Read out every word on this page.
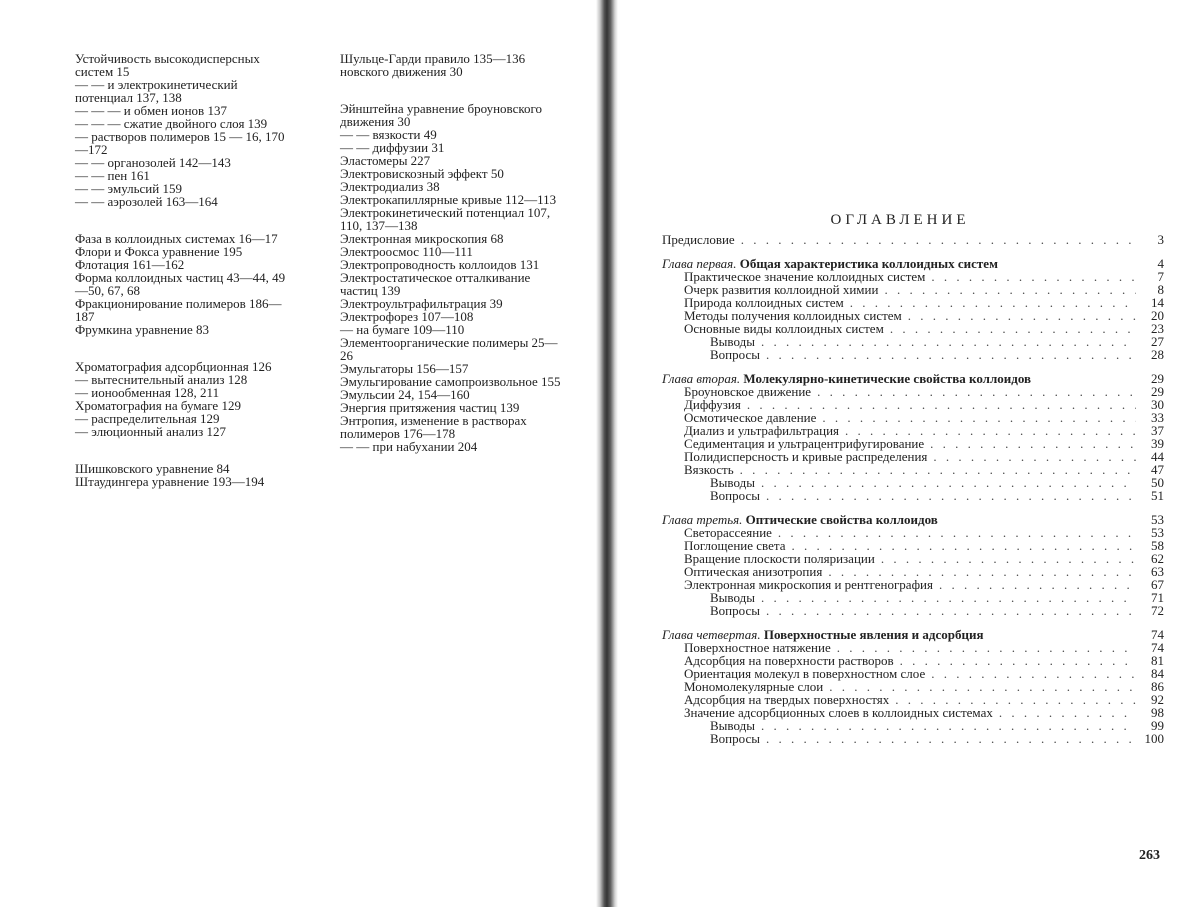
Устойчивость высокодисперсных систем 15

— — и электрокинетический потенциал 137, 138

— — — и обмен ионов 137

— — — сжатие двойного слоя 139

— растворов полимеров 15 — 16, 170—172

— — органозолей 142—143

— — пен 161

— — эмульсий 159

— — аэрозолей 163—164

Фаза в коллоидных системах 16—17

Флори и Фокса уравнение 195

Флотация 161—162

Форма коллоидных частиц 43—44, 49—50, 67, 68

Фракционирование полимеров 186—187

Фрумкина уравнение 83

Хроматография адсорбционная 126

— вытеснительный анализ 128

— ионообменная 128, 211

Хроматография на бумаге 129

— распределительная 129

— элюционный анализ 127

Шишковского уравнение 84

Штаудингера уравнение 193—194

Шульце-Гарди правило 135—136

новского движения 30

Эйнштейна уравнение броуновского движения 30

— — вязкости 49

— — диффузии 31

Эластомеры 227

Электровискозный эффект 50

Электродиализ 38

Электрокапиллярные кривые 112—113

Электрокинетический потенциал 107, 110, 137—138

Электронная микроскопия 68

Электроосмос 110—111

Электропроводность коллоидов 131

Электростатическое отталкивание частиц 139

Электроультрафильтрация 39

Электрофорез 107—108

— на бумаге 109—110

Элементоорганические полимеры 25—26

Эмульгаторы 156—157

Эмульгирование самопроизвольное 155

Эмульсии 24, 154—160

Энергия притяжения частиц 139

Энтропия, изменение в растворах полимеров 176—178

— — при набухании 204

ОГЛАВЛЕНИЕ
Предисловие . . .	3
Глава первая. Общая характеристика коллоидных систем	4
Практическое значение коллоидных систем . . .	7
Очерк развития коллоидной химии . . .	8
Природа коллоидных систем . . .	14
Методы получения коллоидных систем . . .	20
Основные виды коллоидных систем . . .	23
Выводы . . .	27
Вопросы . . .	28
Глава вторая. Молекулярно-кинетические свойства коллоидов	29
Броуновское движение . . .	29
Диффузия . . .	30
Осмотическое давление . . .	33
Диализ и ультрафильтрация . . .	37
Седиментация и ультрацентрифугирование . . .	39
Полидисперсность и кривые распределения . . .	44
Вязкость . . .	47
Выводы . . .	50
Вопросы . . .	51
Глава третья. Оптические свойства коллоидов	53
Светорассеяние . . .	53
Поглощение света . . .	58
Вращение плоскости поляризации . . .	62
Оптическая анизотропия . . .	63
Электронная микроскопия и рентгенография . . .	67
Выводы . . .	71
Вопросы . . .	72
Глава четвертая. Поверхностные явления и адсорбция	74
Поверхностное натяжение . . .	74
Адсорбция на поверхности растворов . . .	81
Ориентация молекул в поверхностном слое . . .	84
Мономолекулярные слои . . .	86
Адсорбция на твердых поверхностях . . .	92
Значение адсорбционных слоев в коллоидных системах . . .	98
Выводы . . .	99
Вопросы . . .	100
263
